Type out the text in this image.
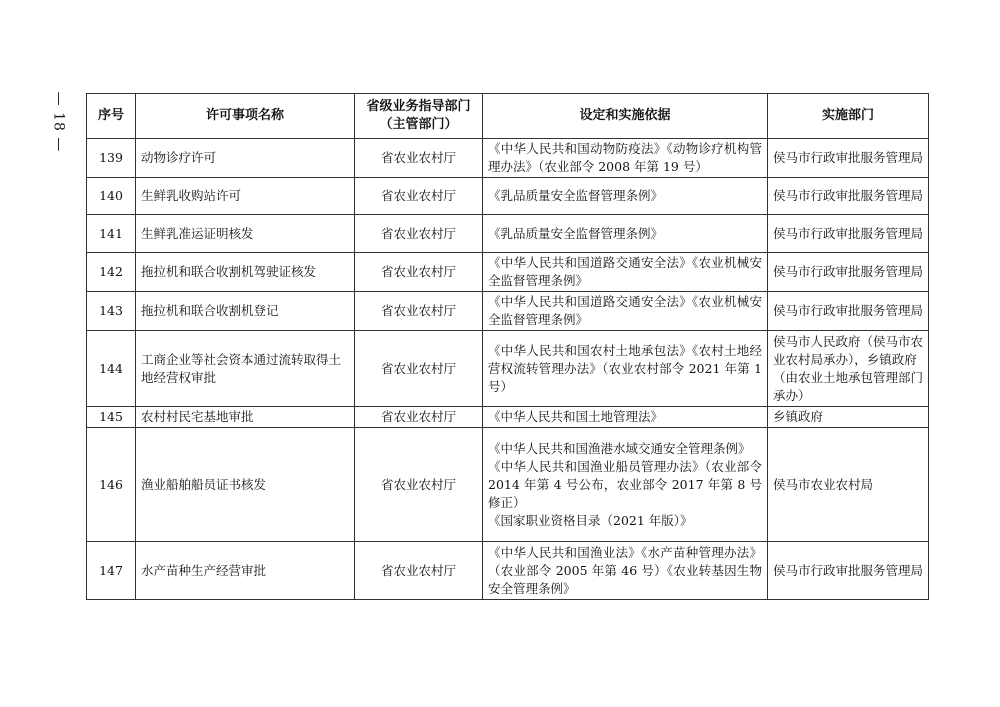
— 18 — 序号	许可事项名称	省级业务指导部门
（主管部门）	设定和实施依据	实施部门
139	动物诊疗许可	省农业农村厅	《中华人民共和国动物防疫法》《动物诊疗机构管理办法》（农业部令 2008 年第 19 号）	侯马市行政审批服务管理局
140	生鲜乳收购站许可	省农业农村厅	《乳品质量安全监督管理条例》	侯马市行政审批服务管理局
141	生鲜乳准运证明核发	省农业农村厅	《乳品质量安全监督管理条例》	侯马市行政审批服务管理局
142	拖拉机和联合收割机驾驶证核发	省农业农村厅	《中华人民共和国道路交通安全法》《农业机械安全监督管理条例》	侯马市行政审批服务管理局
143	拖拉机和联合收割机登记	省农业农村厅	《中华人民共和国道路交通安全法》《农业机械安全监督管理条例》	侯马市行政审批服务管理局
144	工商企业等社会资本通过流转取得土地经营权审批	省农业农村厅	《中华人民共和国农村土地承包法》《农村土地经营权流转管理办法》（农业农村部令 2021 年第 1 号）	侯马市人民政府（侯马市农业农村局承办），乡镇政府（由农业土地承包管理部门承办）
145	农村村民宅基地审批	省农业农村厅	《中华人民共和国土地管理法》	乡镇政府
146	渔业船舶船员证书核发	省农业农村厅	《中华人民共和国渔港水域交通安全管理条例》
《中华人民共和国渔业船员管理办法》（农业部令 2014 年第 4 号公布，农业部令 2017 年第 8 号修正）
《国家职业资格目录（2021 年版）》	侯马市农业农村局
147	水产苗种生产经营审批	省农业农村厅	《中华人民共和国渔业法》《水产苗种管理办法》（农业部令 2005 年第 46 号）《农业转基因生物安全管理条例》	侯马市行政审批服务管理局
